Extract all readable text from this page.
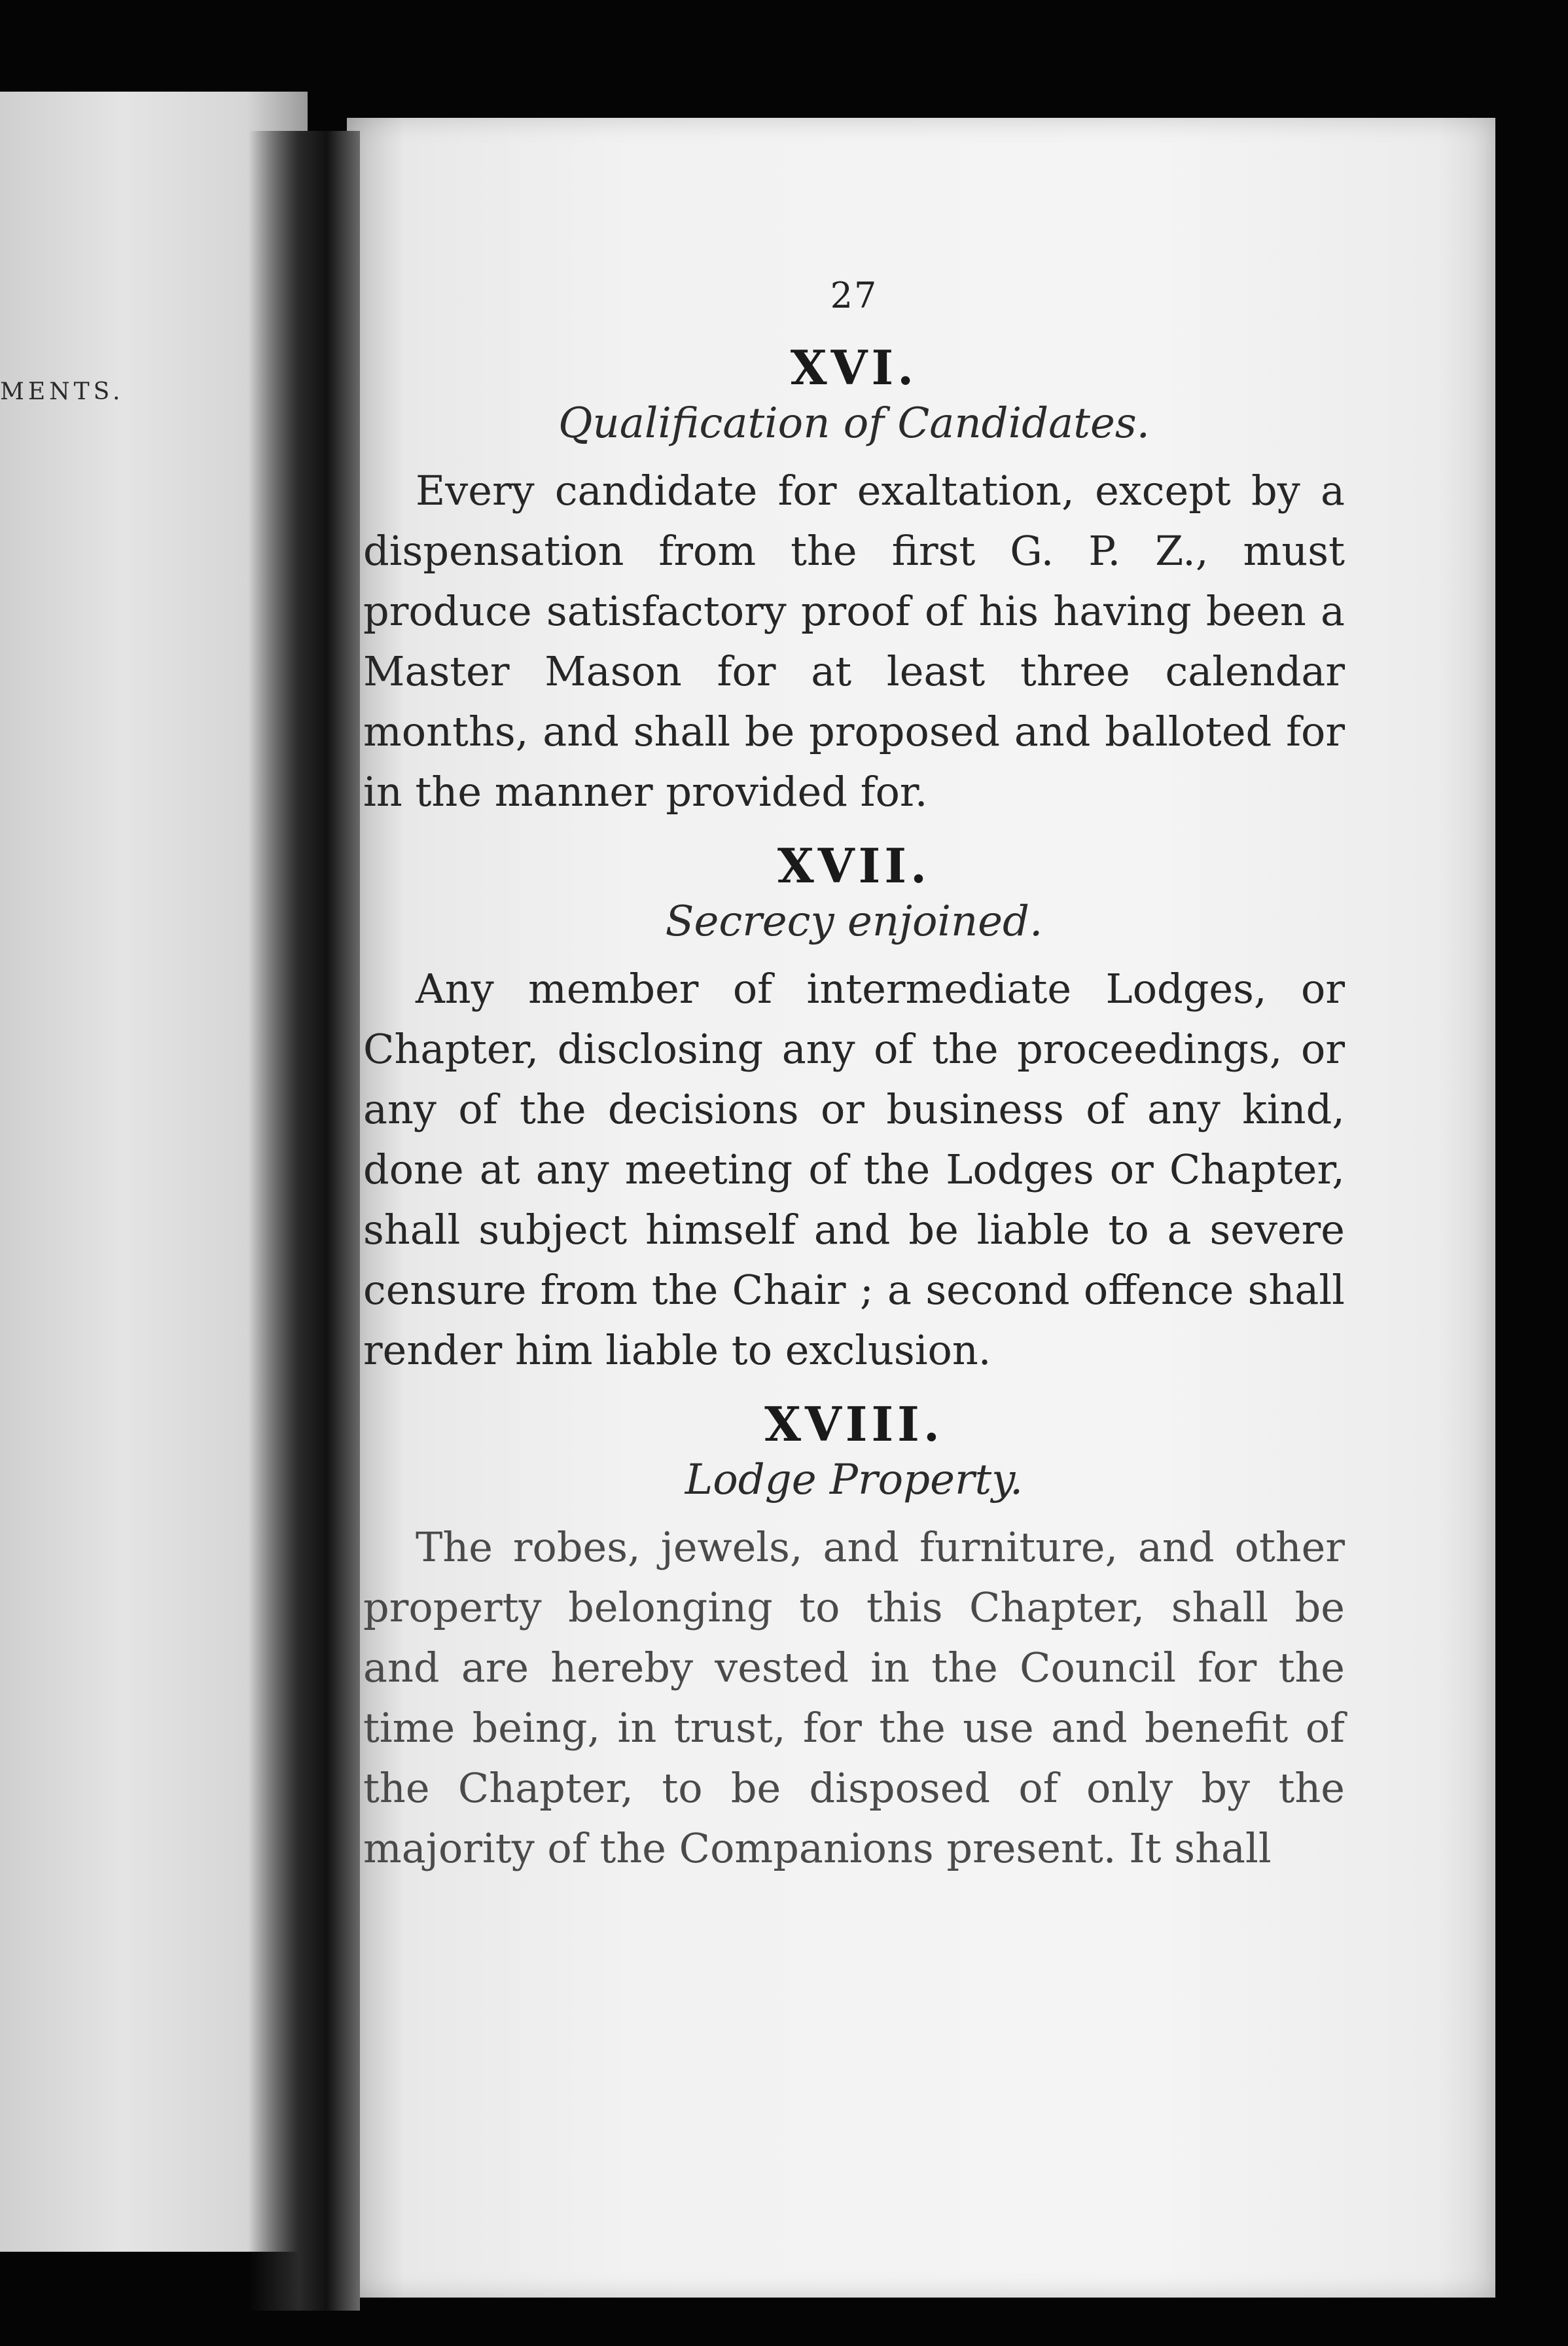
MENTS.
27
XVI.
Qualification of Candidates.

Every candidate for exaltation, except by a dispensation from the first G. P. Z., must produce satisfactory proof of his having been a Master Mason for at least three calendar months, and shall be proposed and balloted for in the manner provided for.

XVII.
Secrecy enjoined.

Any member of intermediate Lodges, or Chapter, disclosing any of the proceedings, or any of the decisions or business of any kind, done at any meeting of the Lodges or Chapter, shall subject himself and be liable to a severe censure from the Chair ; a second offence shall render him liable to exclusion.

XVIII.
Lodge Property.

The robes, jewels, and furniture, and other property belonging to this Chapter, shall be and are hereby vested in the Council for the time being, in trust, for the use and benefit of the Chapter, to be disposed of only by the majority of the Companions present. It shall
